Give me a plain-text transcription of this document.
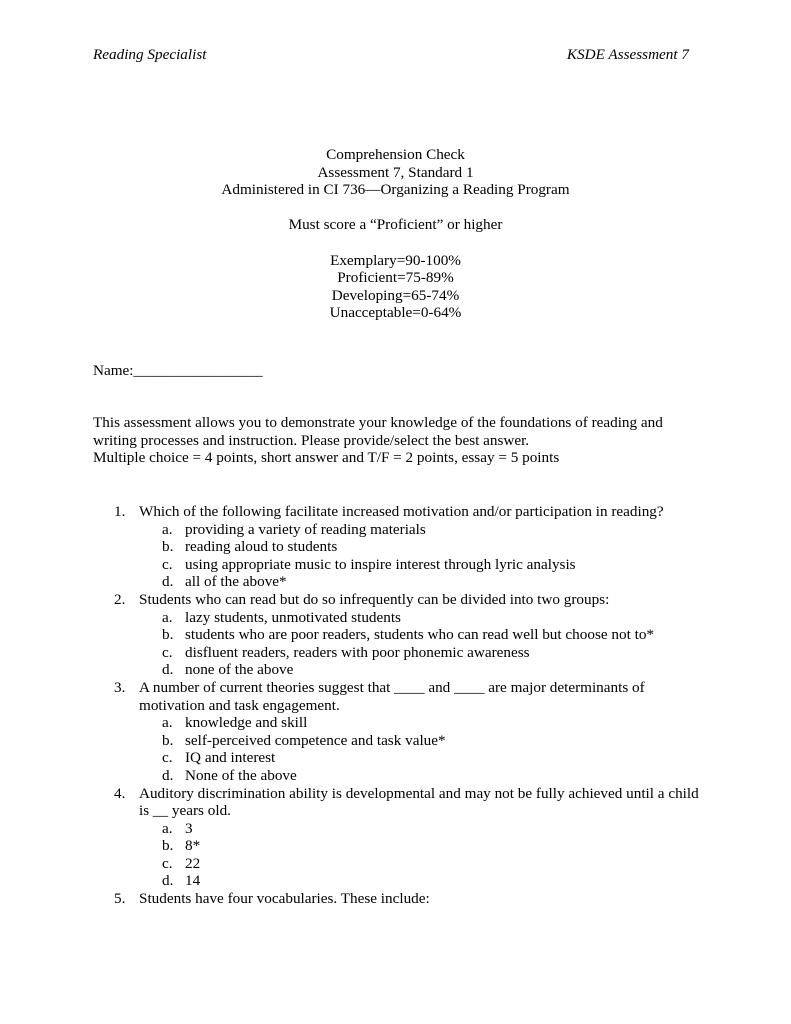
Reading Specialist	KSDE Assessment 7
Comprehension Check
Assessment 7, Standard 1
Administered in CI 736—Organizing a Reading Program
Must score a “Proficient” or higher
Exemplary=90-100%
Proficient=75-89%
Developing=65-74%
Unacceptable=0-64%
Name:_________________
This assessment allows you to demonstrate your knowledge of the foundations of reading and writing processes and instruction. Please provide/select the best answer.
Multiple choice = 4 points, short answer and T/F = 2 points, essay = 5 points
1. Which of the following facilitate increased motivation and/or participation in reading?
a. providing a variety of reading materials
b. reading aloud to students
c. using appropriate music to inspire interest through lyric analysis
d. all of the above*
2. Students who can read but do so infrequently can be divided into two groups:
a. lazy students, unmotivated students
b. students who are poor readers, students who can read well but choose not to*
c. disfluent readers, readers with poor phonemic awareness
d. none of the above
3. A number of current theories suggest that ____ and ____ are major determinants of motivation and task engagement.
a. knowledge and skill
b. self-perceived competence and task value*
c. IQ and interest
d. None of the above
4. Auditory discrimination ability is developmental and may not be fully achieved until a child is __ years old.
a. 3
b. 8*
c. 22
d. 14
5. Students have four vocabularies. These include:
